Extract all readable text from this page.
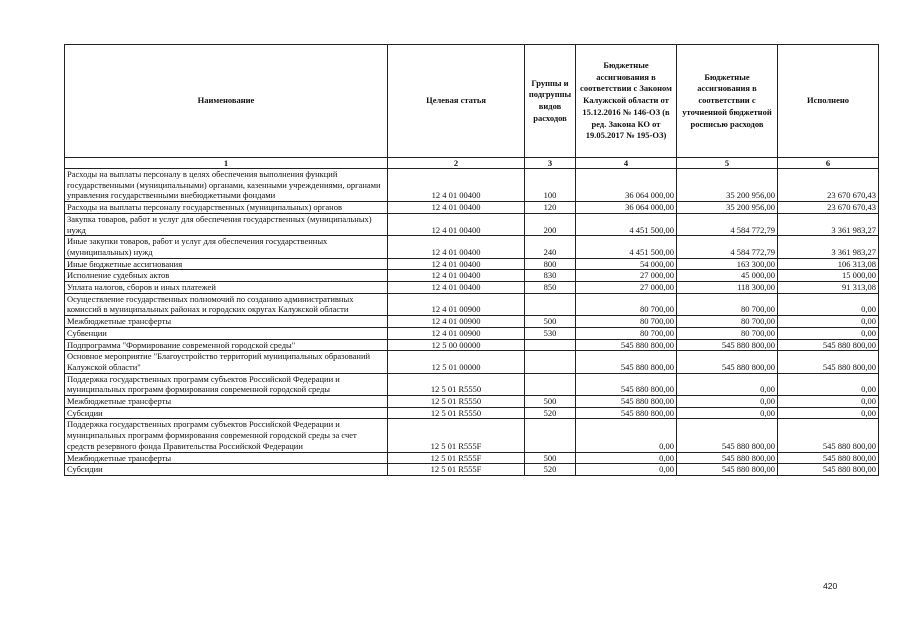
Наименование	Целевая статья	Группы и подгруппы видов расходов	Бюджетные ассигнования в соответствии с Законом Калужской области от 15.12.2016 № 146-ОЗ (в ред. Закона КО от 19.05.2017 № 195-ОЗ)	Бюджетные ассигнования в соответствии с уточненной бюджетной росписью расходов	Исполнено
1	2	3	4	5	6
Расходы на выплаты персоналу в целях обеспечения выполнения функций государственными (муниципальными) органами, казенными учреждениями, органами управления государственными внебюджетными фондами	12 4 01 00400	100	36 064 000,00	35 200 956,00	23 670 670,43
Расходы на выплаты персоналу государственных (муниципальных) органов	12 4 01 00400	120	36 064 000,00	35 200 956,00	23 670 670,43
Закупка товаров, работ и услуг для обеспечения государственных (муниципальных) нужд	12 4 01 00400	200	4 451 500,00	4 584 772,79	3 361 983,27
Иные закупки товаров, работ и услуг для обеспечения государственных (муниципальных) нужд	12 4 01 00400	240	4 451 500,00	4 584 772,79	3 361 983,27
Иные бюджетные ассигнования	12 4 01 00400	800	54 000,00	163 300,00	106 313,08
Исполнение судебных актов	12 4 01 00400	830	27 000,00	45 000,00	15 000,00
Уплата налогов, сборов и иных платежей	12 4 01 00400	850	27 000,00	118 300,00	91 313,08
Осуществление государственных полномочий по созданию административных комиссий в муниципальных районах и городских округах Калужской области	12 4 01 00900		80 700,00	80 700,00	0,00
Межбюджетные трансферты	12 4 01 00900	500	80 700,00	80 700,00	0,00
Субвенции	12 4 01 00900	530	80 700,00	80 700,00	0,00
Подпрограмма "Формирование современной городской среды"	12 5 00 00000		545 880 800,00	545 880 800,00	545 880 800,00
Основное мероприятие "Благоустройство территорий муниципальных образований Калужской области"	12 5 01 00000		545 880 800,00	545 880 800,00	545 880 800,00
Поддержка государственных программ субъектов Российской Федерации и муниципальных программ формирования современной городской среды	12 5 01 R5550		545 880 800,00	0,00	0,00
Межбюджетные трансферты	12 5 01 R5550	500	545 880 800,00	0,00	0,00
Субсидии	12 5 01 R5550	520	545 880 800,00	0,00	0,00
Поддержка государственных программ субъектов Российской Федерации и муниципальных программ формирования современной городской среды за счет средств резервного фонда Правительства Российской Федерации	12 5 01 R555F		0,00	545 880 800,00	545 880 800,00
Межбюджетные трансферты	12 5 01 R555F	500	0,00	545 880 800,00	545 880 800,00
Субсидии	12 5 01 R555F	520	0,00	545 880 800,00	545 880 800,00
420
